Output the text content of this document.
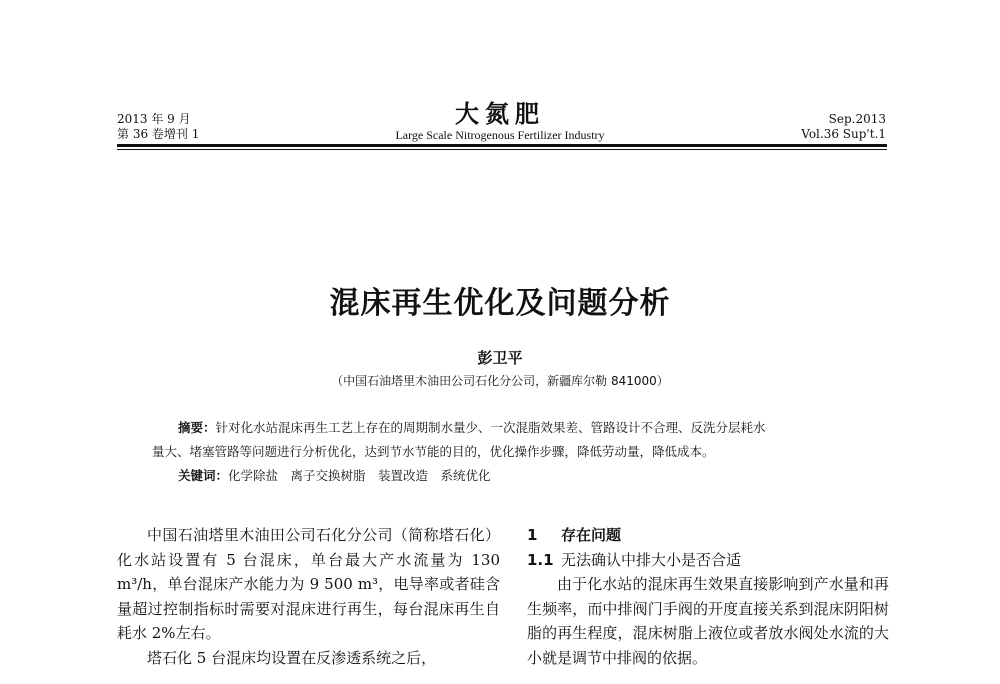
2013 年 9 月
第 36 卷增刊 1
大氮肥
Large Scale Nitrogenous Fertilizer Industry
Sep.2013
Vol.36 Sup't.1
混床再生优化及问题分析
彭卫平
（中国石油塔里木油田公司石化分公司，新疆库尔勒 841000）
摘要：针对化水站混床再生工艺上存在的周期制水量少、一次混脂效果差、管路设计不合理、反洗分层耗水
量大、堵塞管路等问题进行分析优化，达到节水节能的目的，优化操作步骤，降低劳动量，降低成本。
关键词：化学除盐　离子交换树脂　装置改造　系统优化

中国石油塔里木油田公司石化分公司（简称塔石化）化水站设置有 5 台混床，单台最大产水流量为 130 m³/h，单台混床产水能力为 9 500 m³，电导率或者硅含量超过控制指标时需要对混床进行再生，每台混床再生自耗水 2%左右。

塔石化 5 台混床均设置在反渗透系统之后，

1 存在问题
1.1 无法确认中排大小是否合适

由于化水站的混床再生效果直接影响到产水量和再生频率，而中排阀门手阀的开度直接关系到混床阴阳树脂的再生程度，混床树脂上液位或者放水阀处水流的大小就是调节中排阀的依据。
